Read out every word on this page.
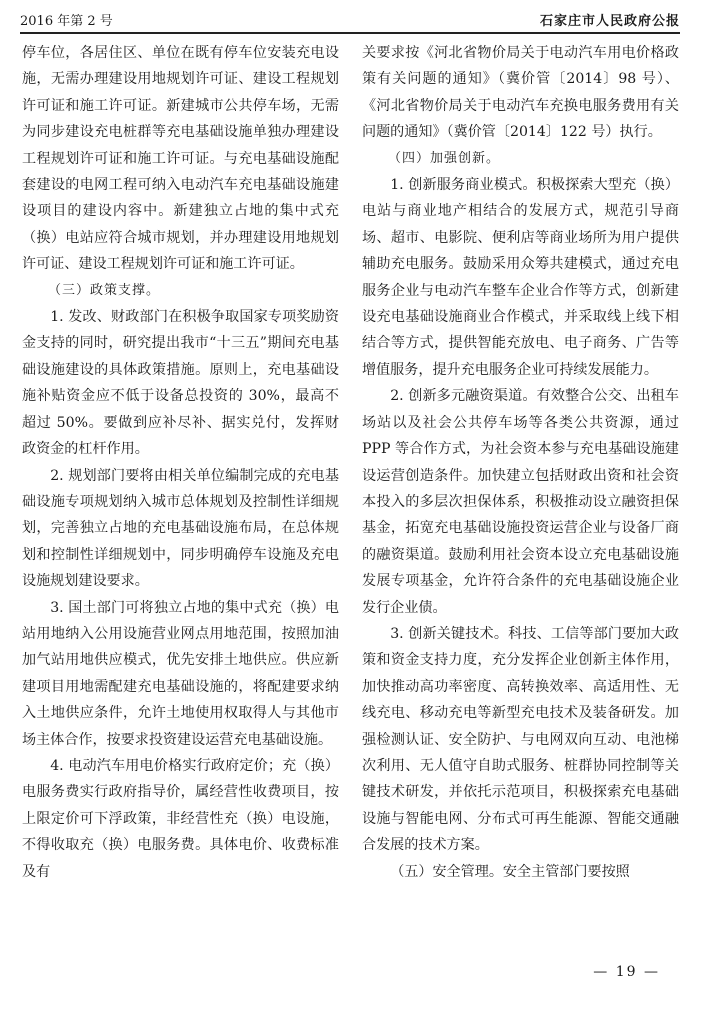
2016 年第 2 号	石家庄市人民政府公报

停车位，各居住区、单位在既有停车位安装充电设施，无需办理建设用地规划许可证、建设工程规划许可证和施工许可证。新建城市公共停车场，无需为同步建设充电桩群等充电基础设施单独办理建设工程规划许可证和施工许可证。与充电基础设施配套建设的电网工程可纳入电动汽车充电基础设施建设项目的建设内容中。新建独立占地的集中式充（换）电站应符合城市规划，并办理建设用地规划许可证、建设工程规划许可证和施工许可证。

（三）政策支撑。

1. 发改、财政部门在积极争取国家专项奖励资金支持的同时，研究提出我市“十三五”期间充电基础设施建设的具体政策措施。原则上，充电基础设施补贴资金应不低于设备总投资的 30%，最高不超过 50%。要做到应补尽补、据实兑付，发挥财政资金的杠杆作用。

2. 规划部门要将由相关单位编制完成的充电基础设施专项规划纳入城市总体规划及控制性详细规划，完善独立占地的充电基础设施布局，在总体规划和控制性详细规划中，同步明确停车设施及充电设施规划建设要求。

3. 国土部门可将独立占地的集中式充（换）电站用地纳入公用设施营业网点用地范围，按照加油加气站用地供应模式，优先安排土地供应。供应新建项目用地需配建充电基础设施的，将配建要求纳入土地供应条件，允许土地使用权取得人与其他市场主体合作，按要求投资建设运营充电基础设施。

4. 电动汽车用电价格实行政府定价；充（换）电服务费实行政府指导价，属经营性收费项目，按上限定价可下浮政策，非经营性充（换）电设施，不得收取充（换）电服务费。具体电价、收费标准及有

关要求按《河北省物价局关于电动汽车用电价格政策有关问题的通知》（冀价管〔2014〕98 号）、《河北省物价局关于电动汽车充换电服务费用有关问题的通知》（冀价管〔2014〕122 号）执行。

（四）加强创新。

1. 创新服务商业模式。积极探索大型充（换）电站与商业地产相结合的发展方式，规范引导商场、超市、电影院、便利店等商业场所为用户提供辅助充电服务。鼓励采用众筹共建模式，通过充电服务企业与电动汽车整车企业合作等方式，创新建设充电基础设施商业合作模式，并采取线上线下相结合等方式，提供智能充放电、电子商务、广告等增值服务，提升充电服务企业可持续发展能力。

2. 创新多元融资渠道。有效整合公交、出租车场站以及社会公共停车场等各类公共资源，通过 PPP 等合作方式，为社会资本参与充电基础设施建设运营创造条件。加快建立包括财政出资和社会资本投入的多层次担保体系，积极推动设立融资担保基金，拓宽充电基础设施投资运营企业与设备厂商的融资渠道。鼓励利用社会资本设立充电基础设施发展专项基金，允许符合条件的充电基础设施企业发行企业债。

3. 创新关键技术。科技、工信等部门要加大政策和资金支持力度，充分发挥企业创新主体作用，加快推动高功率密度、高转换效率、高适用性、无线充电、移动充电等新型充电技术及装备研发。加强检测认证、安全防护、与电网双向互动、电池梯次利用、无人值守自助式服务、桩群协同控制等关键技术研发，并依托示范项目，积极探索充电基础设施与智能电网、分布式可再生能源、智能交通融合发展的技术方案。

（五）安全管理。安全主管部门要按照

— 19 —
